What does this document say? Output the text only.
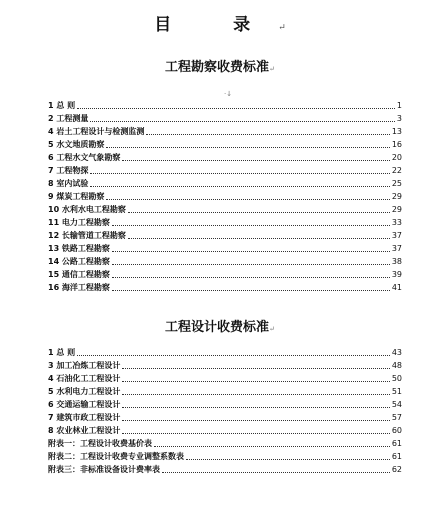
目 录↵
工程勘察收费标准↵
·↓
1 总 则	1
2 工程测量	3
4 岩土工程设计与检测监测	13
5 水文地质勘察	16
6 工程水文气象勘察	20
7 工程物探	22
8 室内试验	25
9 煤炭工程勘察	29
10 水利水电工程勘察	29
11 电力工程勘察	33
12 长输管道工程勘察	37
13 铁路工程勘察	37
14 公路工程勘察	38
15 通信工程勘察	39
16 海洋工程勘察	41
工程设计收费标准↵
1 总 则	43
3 加工冶炼工程设计	48
4 石油化工工程设计	50
5 水利电力工程设计	51
6 交通运输工程设计	54
7 建筑市政工程设计	57
8 农业林业工程设计	60
附表一：工程设计收费基价表	61
附表二：工程设计收费专业调整系数表	61
附表三：非标准设备设计费率表	62
